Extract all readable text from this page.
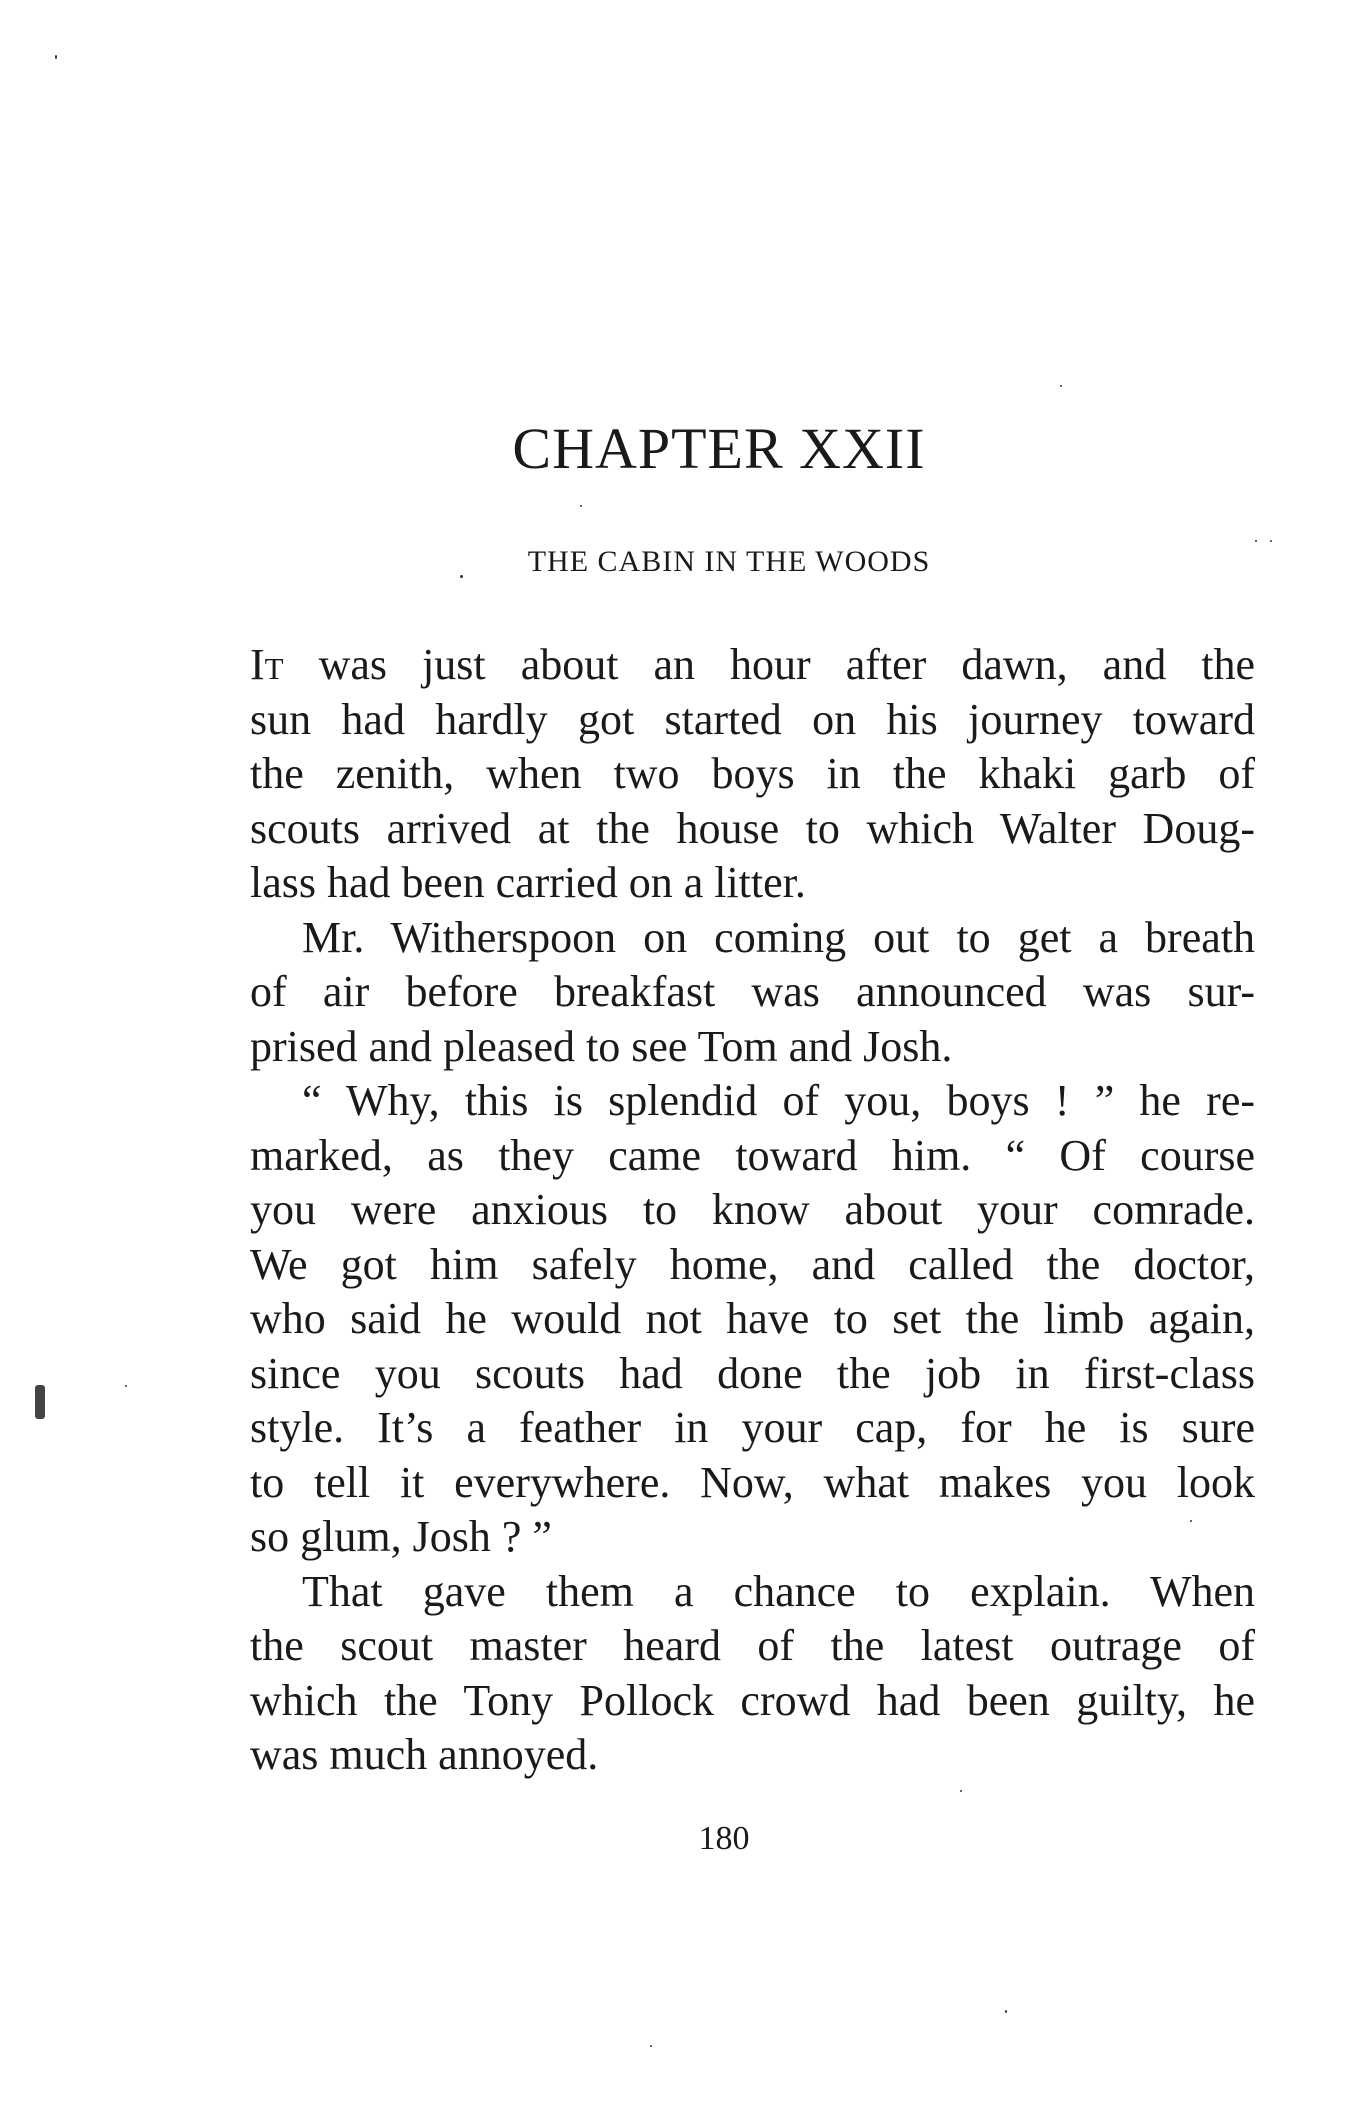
CHAPTER XXII
THE CABIN IN THE WOODS
It was just about an hour after dawn, and the
sun had hardly got started on his journey toward
the zenith, when two boys in the khaki garb of
scouts arrived at the house to which Walter Doug-
lass had been carried on a litter.
Mr. Witherspoon on coming out to get a breath
of air before breakfast was announced was sur-
prised and pleased to see Tom and Josh.
“ Why, this is splendid of you, boys ! ” he re-
marked, as they came toward him. “ Of course
you were anxious to know about your comrade.
We got him safely home, and called the doctor,
who said he would not have to set the limb again,
since you scouts had done the job in first-class
style. It’s a feather in your cap, for he is sure
to tell it everywhere. Now, what makes you look
so glum, Josh ? ”
That gave them a chance to explain. When
the scout master heard of the latest outrage of
which the Tony Pollock crowd had been guilty, he
was much annoyed.
180
